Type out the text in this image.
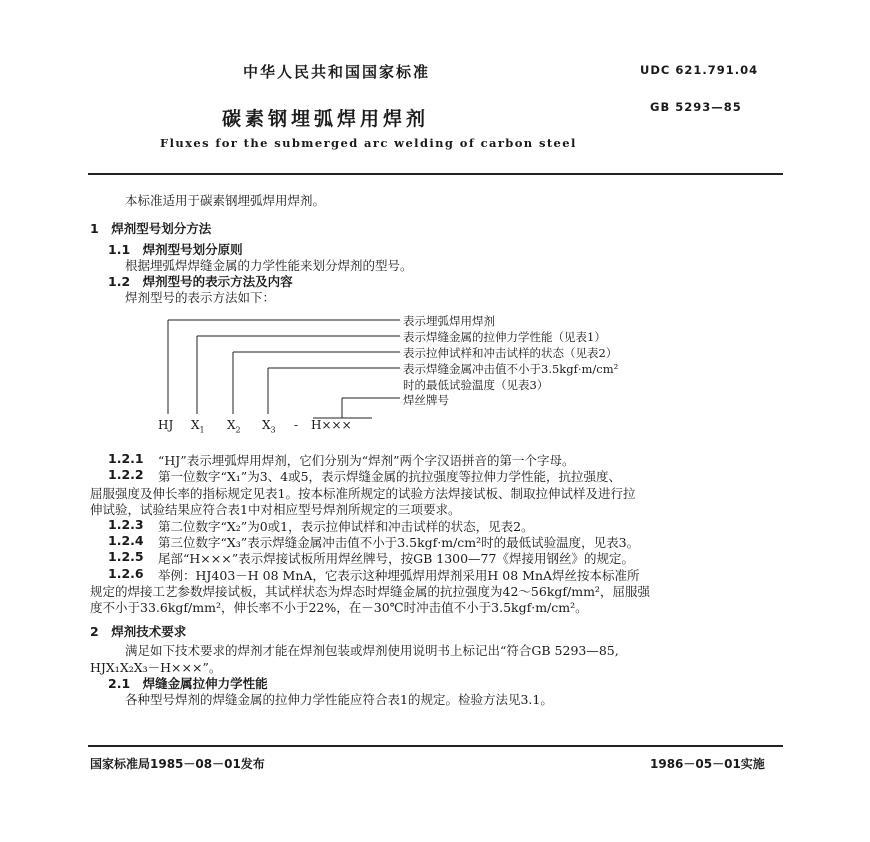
中华人民共和国国家标准	UDC 621.791.04
碳素钢埋弧焊用焊剂
GB 5293—85
Fluxes for the submerged arc welding of carbon steel
本标准适用于碳素钢埋弧焊用焊剂。
1　焊剂型号划分方法
1.1　焊剂型号划分原则
根据埋弧焊焊缝金属的力学性能来划分焊剂的型号。
1.2　焊剂型号的表示方法及内容
焊剂型号的表示方法如下：
表示埋弧焊用焊剂
表示焊缝金属的拉伸力学性能（见表1）
表示拉伸试样和冲击试样的状态（见表2）
表示焊缝金属冲击值不小于3.5kgf·m/cm²
时的最低试验温度（见表3）
焊丝牌号
HJ $X_1$ $X_2$ $X_3 - H\times\times\times$
1.2.1 “HJ”表示埋弧焊用焊剂，它们分别为“焊剂”两个字汉语拼音的第一个字母。
1.2.2 第一位数字“X₁”为3、4或5，表示焊缝金属的抗拉强度等拉伸力学性能，抗拉强度、
屈服强度及伸长率的指标规定见表1。按本标准所规定的试验方法焊接试板、制取拉伸试样及进行拉
伸试验，试验结果应符合表1中对相应型号焊剂所规定的三项要求。
1.2.3 第二位数字“X₂”为0或1，表示拉伸试样和冲击试样的状态，见表2。
1.2.4 第三位数字“X₃”表示焊缝金属冲击值不小于3.5kgf·m/cm²时的最低试验温度，见表3。
1.2.5 尾部“H×××”表示焊接试板所用焊丝牌号，按GB 1300—77《焊接用钢丝》的规定。
1.2.6 举例：HJ403－H 08 MnA，它表示这种埋弧焊用焊剂采用H 08 MnA焊丝按本标准所
规定的焊接工艺参数焊接试板，其试样状态为焊态时焊缝金属的抗拉强度为42～56kgf/mm²，屈服强
度不小于33.6kgf/mm²，伸长率不小于22%，在－30℃时冲击值不小于3.5kgf·m/cm²。
2　焊剂技术要求
满足如下技术要求的焊剂才能在焊剂包装或焊剂使用说明书上标记出“符合GB 5293—85,
HJX₁X₂X₃－H×××”。
2.1　焊缝金属拉伸力学性能
各种型号焊剂的焊缝金属的拉伸力学性能应符合表1的规定。检验方法见3.1。
国家标准局1985－08－01发布	1986－05－01实施
